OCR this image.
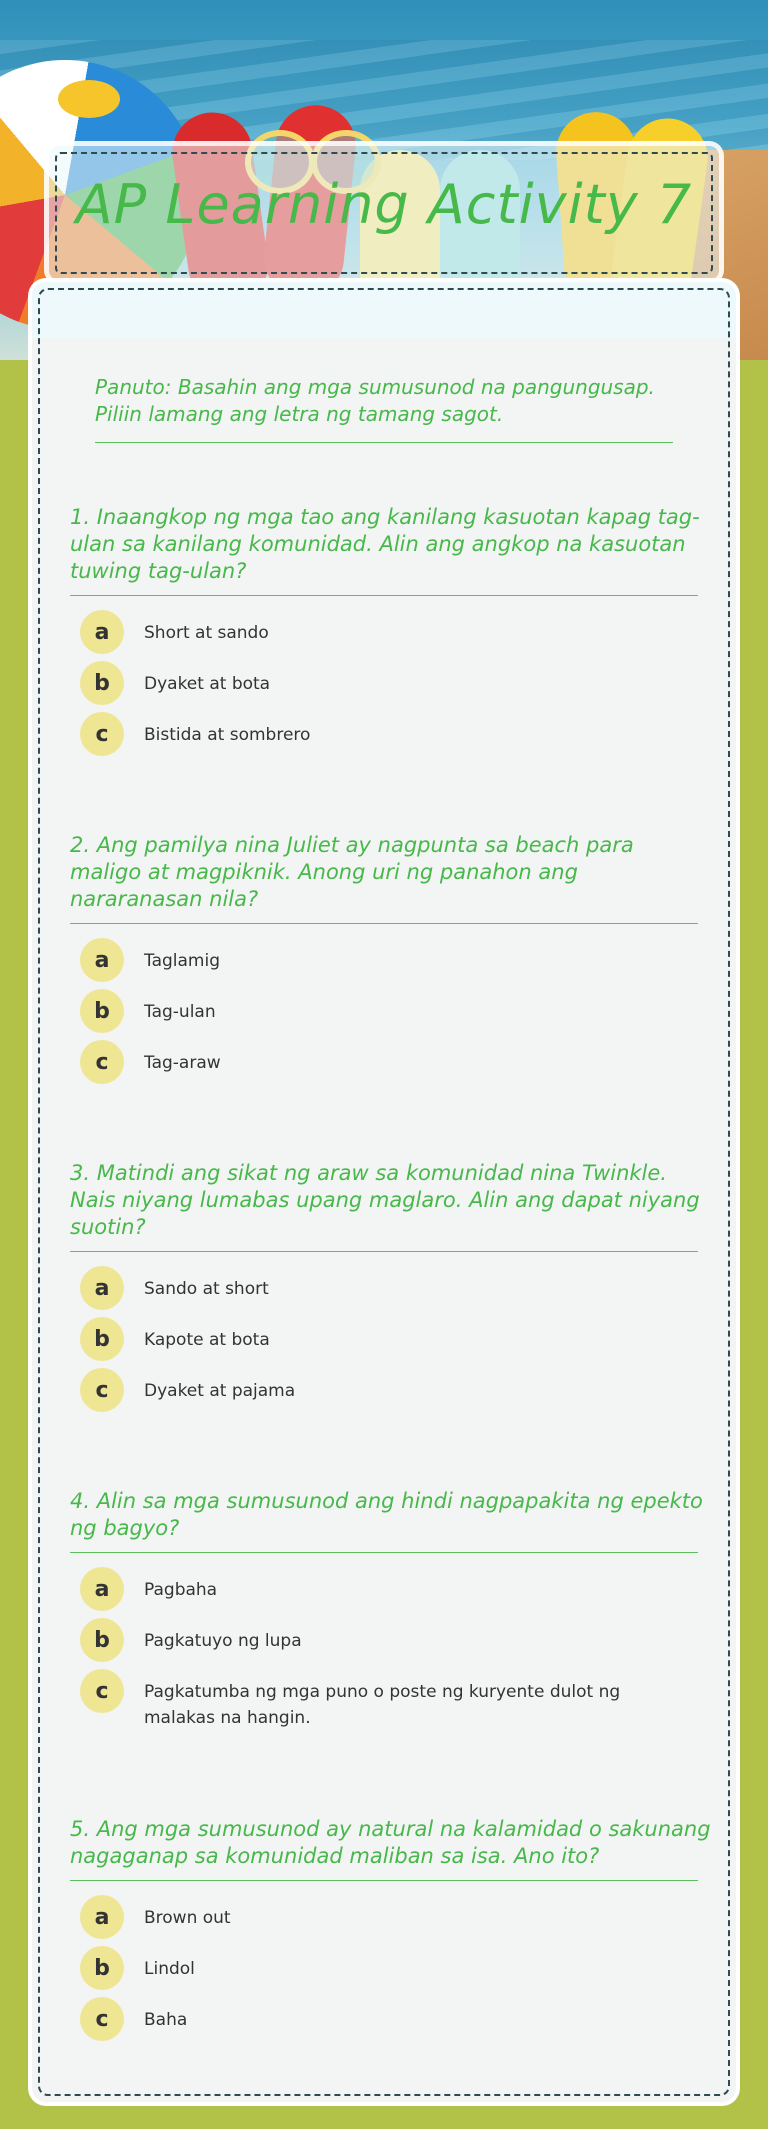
AP Learning Activity 7
Panuto: Basahin ang mga sumusunod na pangungusap.
Piliin lamang ang letra ng tamang sagot.
1. Inaangkop ng mga tao ang kanilang kasuotan kapag tag-
ulan sa kanilang komunidad. Alin ang angkop na kasuotan
tuwing tag-ulan?
a	Short at sando
b	Dyaket at bota
c	Bistida at sombrero
2. Ang pamilya nina Juliet ay nagpunta sa beach para
maligo at magpiknik. Anong uri ng panahon ang
nararanasan nila?
a	Taglamig
b	Tag-ulan
c	Tag-araw
3. Matindi ang sikat ng araw sa komunidad nina Twinkle.
Nais niyang lumabas upang maglaro. Alin ang dapat niyang
suotin?
a	Sando at short
b	Kapote at bota
c	Dyaket at pajama
4. Alin sa mga sumusunod ang hindi nagpapakita ng epekto
ng bagyo?
a	Pagbaha
b	Pagkatuyo ng lupa
c	Pagkatumba ng mga puno o poste ng kuryente dulot ng malakas na hangin.
5. Ang mga sumusunod ay natural na kalamidad o sakunang
nagaganap sa komunidad maliban sa isa. Ano ito?
a	Brown out
b	Lindol
c	Baha
